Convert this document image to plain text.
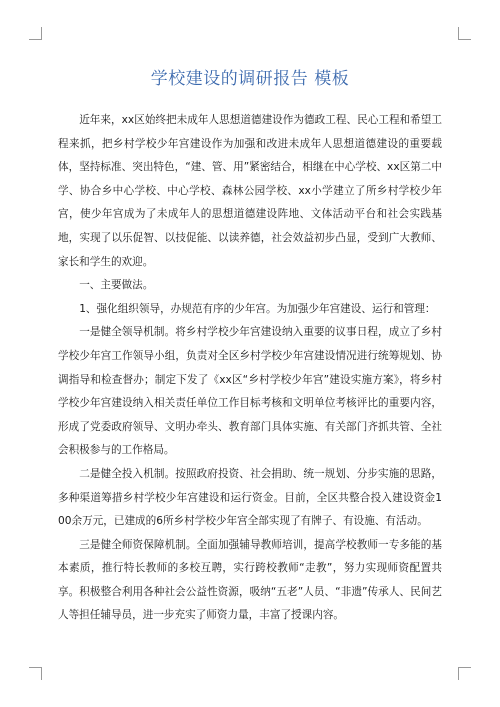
学校建设的调研报告 模板

近年来，xx区始终把未成年人思想道德建设作为德政工程、民心工程和希望工程来抓，把乡村学校少年宫建设作为加强和改进未成年人思想道德建设的重要载体，坚持标准、突出特色，“建、管、用”紧密结合，相继在中心学校、xx区第二中学、协合乡中心学校、中心学校、森林公园学校、xx小学建立了所乡村学校少年宫，使少年宫成为了未成年人的思想道德建设阵地、文体活动平台和社会实践基地，实现了以乐促智、以技促能、以读养德，社会效益初步凸显，受到广大教师、家长和学生的欢迎。

一、主要做法。

1、强化组织领导，办规范有序的少年宫。为加强少年宫建设、运行和管理：

一是健全领导机制。将乡村学校少年宫建设纳入重要的议事日程，成立了乡村学校少年宫工作领导小组，负责对全区乡村学校少年宫建设情况进行统筹规划、协调指导和检查督办；制定下发了《xx区“乡村学校少年宫”建设实施方案》，将乡村学校少年宫建设纳入相关责任单位工作目标考核和文明单位考核评比的重要内容，形成了党委政府领导、文明办牵头、教育部门具体实施、有关部门齐抓共管、全社会积极参与的工作格局。

二是健全投入机制。按照政府投资、社会捐助、统一规划、分步实施的思路，多种渠道筹措乡村学校少年宫建设和运行资金。目前，全区共整合投入建设资金100余万元，已建成的6所乡村学校少年宫全部实现了有牌子、有设施、有活动。

三是健全师资保障机制。全面加强辅导教师培训，提高学校教师一专多能的基本素质，推行特长教师的多校互聘，实行跨校教师“走教”，努力实现师资配置共享。积极整合利用各种社会公益性资源，吸纳“五老”人员、“非遗”传承人、民间艺人等担任辅导员，进一步充实了师资力量，丰富了授课内容。
